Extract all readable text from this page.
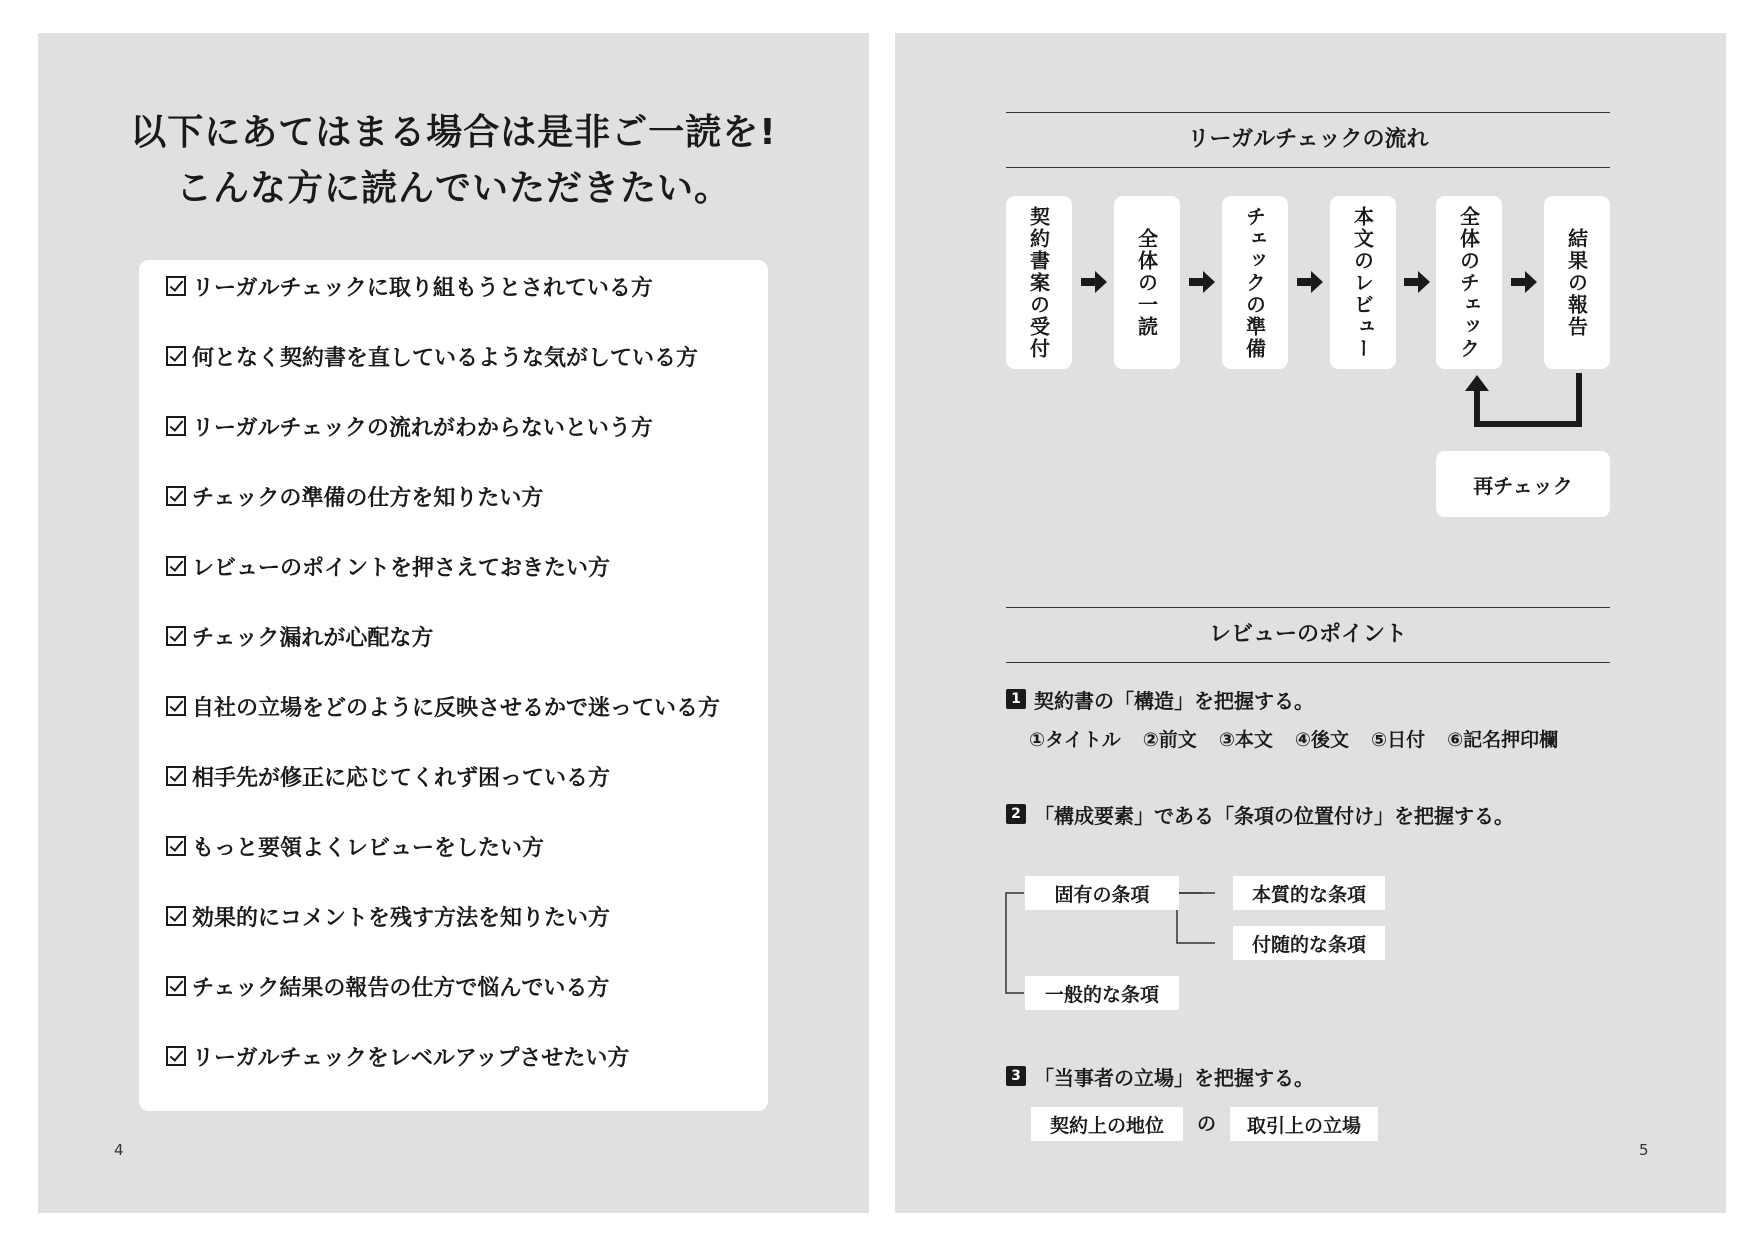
以下にあてはまる場合は是非ご一読を!
こんな方に読んでいただきたい。
リーガルチェックに取り組もうとされている方
何となく契約書を直しているような気がしている方
リーガルチェックの流れがわからないという方
チェックの準備の仕方を知りたい方
レビューのポイントを押さえておきたい方
チェック漏れが心配な方
自社の立場をどのように反映させるかで迷っている方
相手先が修正に応じてくれず困っている方
もっと要領よくレビューをしたい方
効果的にコメントを残す方法を知りたい方
チェック結果の報告の仕方で悩んでいる方
リーガルチェックをレベルアップさせたい方
4
リーガルチェックの流れ
契約書案の受付	全体の一読	チェックの準備	本文のレビュー	全体のチェック	結果の報告
再チェック
レビューのポイント
1 契約書の「構造」を把握する。
①タイトル ②前文 ③本文 ④後文 ⑤日付 ⑥記名押印欄
2 「構成要素」である「条項の位置付け」を把握する。
固有の条項	本質的な条項
付随的な条項
一般的な条項
3 「当事者の立場」を把握する。
契約上の地位	の	取引上の立場
5
